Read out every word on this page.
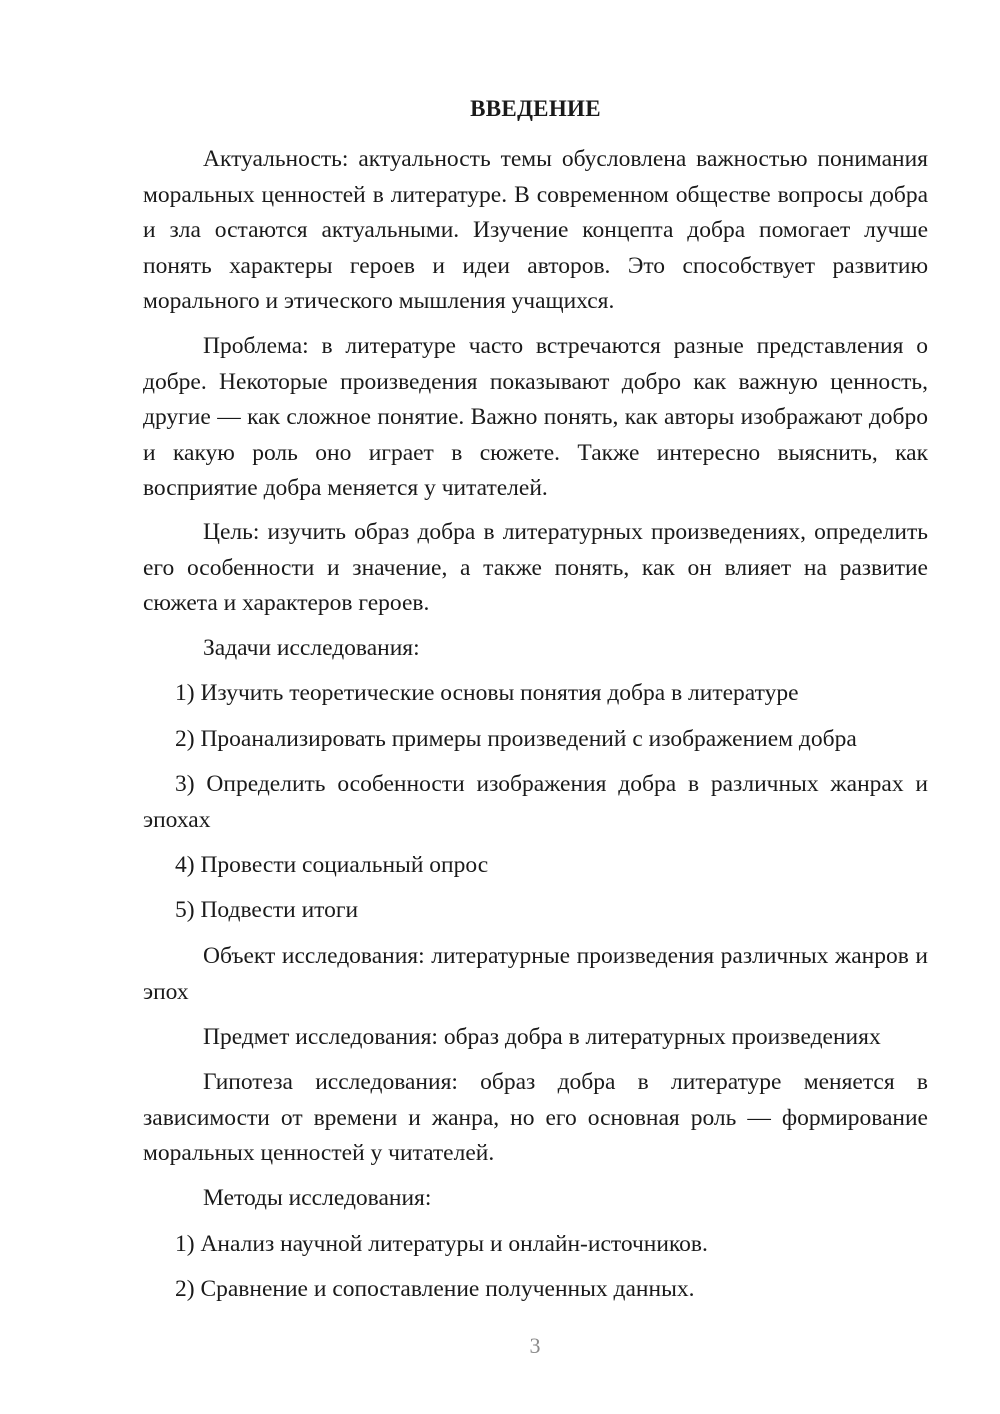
ВВЕДЕНИЕ

Актуальность: актуальность темы обусловлена важностью понимания моральных ценностей в литературе. В современном обществе вопросы добра и зла остаются актуальными. Изучение концепта добра помогает лучше понять характеры героев и идеи авторов. Это способствует развитию морального и этического мышления учащихся.

Проблема: в литературе часто встречаются разные представления о добре. Некоторые произведения показывают добро как важную ценность, другие — как сложное понятие. Важно понять, как авторы изображают добро и какую роль оно играет в сюжете. Также интересно выяснить, как восприятие добра меняется у читателей.

Цель: изучить образ добра в литературных произведениях, определить его особенности и значение, а также понять, как он влияет на развитие сюжета и характеров героев.

Задачи исследования:

1) Изучить теоретические основы понятия добра в литературе

2) Проанализировать примеры произведений с изображением добра

3) Определить особенности изображения добра в различных жанрах и эпохах

4) Провести социальный опрос

5) Подвести итоги

Объект исследования: литературные произведения различных жанров и эпох

Предмет исследования: образ добра в литературных произведениях

Гипотеза исследования: образ добра в литературе меняется в зависимости от времени и жанра, но его основная роль — формирование моральных ценностей у читателей.

Методы исследования:

1) Анализ научной литературы и онлайн-источников.

2) Сравнение и сопоставление полученных данных.

3
